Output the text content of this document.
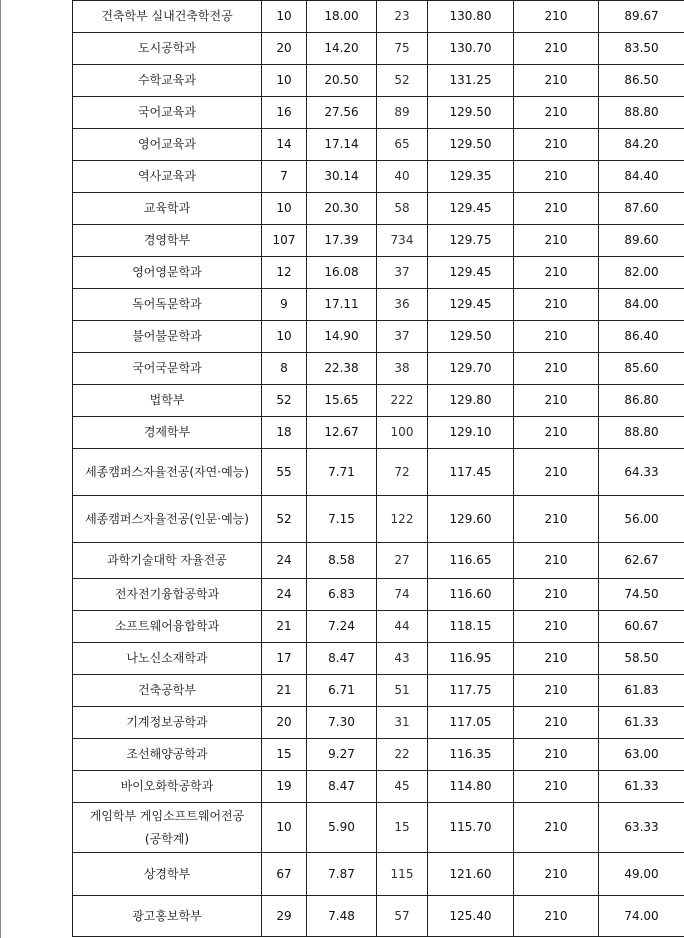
건축학부 실내건축학전공	10	18.00	23	130.80	210	89.67
도시공학과	20	14.20	75	130.70	210	83.50
수학교육과	10	20.50	52	131.25	210	86.50
국어교육과	16	27.56	89	129.50	210	88.80
영어교육과	14	17.14	65	129.50	210	84.20
역사교육과	7	30.14	40	129.35	210	84.40
교육학과	10	20.30	58	129.45	210	87.60
경영학부	107	17.39	734	129.75	210	89.60
영어영문학과	12	16.08	37	129.45	210	82.00
독어독문학과	9	17.11	36	129.45	210	84.00
불어불문학과	10	14.90	37	129.50	210	86.40
국어국문학과	8	22.38	38	129.70	210	85.60
법학부	52	15.65	222	129.80	210	86.80
경제학부	18	12.67	100	129.10	210	88.80
세종캠퍼스자율전공(자연·예능)	55	7.71	72	117.45	210	64.33
세종캠퍼스자율전공(인문·예능)	52	7.15	122	129.60	210	56.00
과학기술대학 자율전공	24	8.58	27	116.65	210	62.67
전자전기융합공학과	24	6.83	74	116.60	210	74.50
소프트웨어융합학과	21	7.24	44	118.15	210	60.67
나노신소재학과	17	8.47	43	116.95	210	58.50
건축공학부	21	6.71	51	117.75	210	61.83
기계정보공학과	20	7.30	31	117.05	210	61.33
조선해양공학과	15	9.27	22	116.35	210	63.00
바이오화학공학과	19	8.47	45	114.80	210	61.33
게임학부 게임소프트웨어전공(공학계)	10	5.90	15	115.70	210	63.33
상경학부	67	7.87	115	121.60	210	49.00
광고홍보학부	29	7.48	57	125.40	210	74.00
